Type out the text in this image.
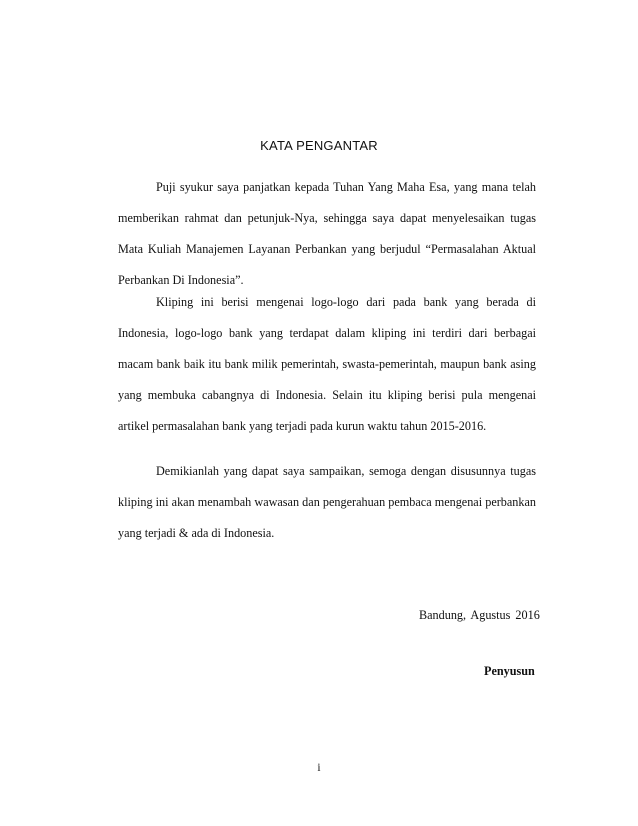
KATA PENGANTAR

Puji syukur saya panjatkan kepada Tuhan Yang Maha Esa, yang mana telah memberikan rahmat dan petunjuk-Nya, sehingga saya dapat menyelesaikan tugas Mata Kuliah Manajemen Layanan Perbankan yang berjudul “Permasalahan Aktual Perbankan Di Indonesia”.

Kliping ini berisi mengenai logo-logo dari pada bank yang berada di Indonesia, logo-logo bank yang terdapat dalam kliping ini terdiri dari berbagai macam bank baik itu bank milik pemerintah, swasta-pemerintah, maupun bank asing yang membuka cabangnya di Indonesia. Selain itu kliping berisi pula mengenai artikel permasalahan bank yang terjadi pada kurun waktu tahun 2015-2016.

Demikianlah yang dapat saya sampaikan, semoga dengan disusunnya tugas kliping ini akan menambah wawasan dan pengerahuan pembaca mengenai perbankan yang terjadi & ada di Indonesia.

Bandung, Agustus 2016
Penyusun
i
